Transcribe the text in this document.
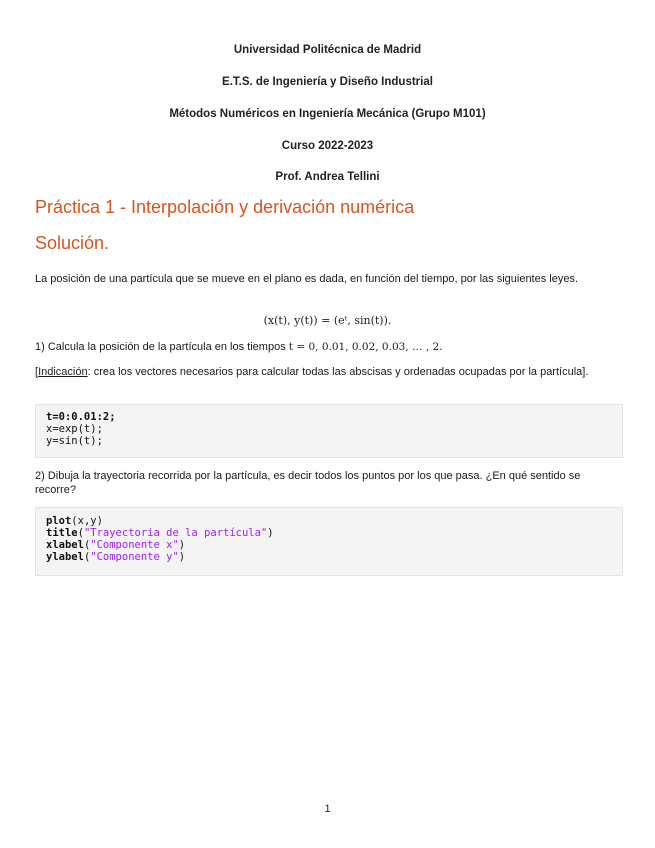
Universidad Politécnica de Madrid
E.T.S. de Ingeniería y Diseño Industrial
Métodos Numéricos en Ingeniería Mecánica (Grupo M101)
Curso 2022-2023
Prof. Andrea Tellini
Práctica 1 - Interpolación y derivación numérica
Solución.
La posición de una partícula que se mueve en el plano es dada, en función del tiempo, por las siguientes leyes.
(x(t), y(t)) = (eᵗ, sin(t)).
1) Calcula la posición de la partícula en los tiempos t = 0, 0.01, 0.02, 0.03, … , 2.
[Indicación: crea los vectores necesarios para calcular todas las abscisas y ordenadas ocupadas por la partícula].
t=0:0.01:2;
x=exp(t);
y=sin(t);
2) Dibuja la trayectoria recorrida por la partícula, es decir todos los puntos por los que pasa. ¿En qué sentido se recorre?
plot(x,y)
title("Trayectoria de la partícula")
xlabel("Componente x")
ylabel("Componente y")
1
